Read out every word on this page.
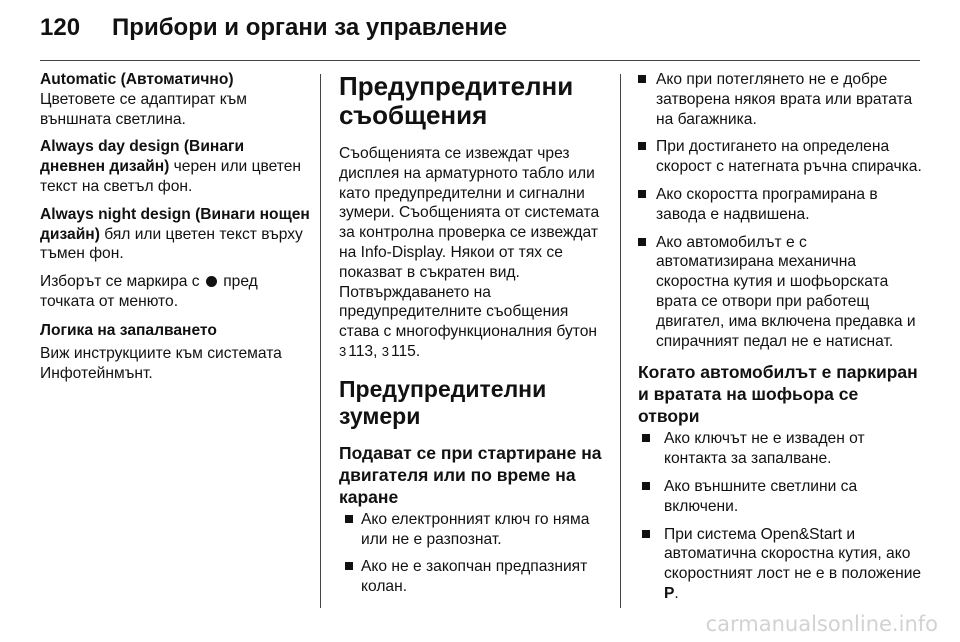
120 Прибори и органи за управление

Automatic (Автоматично)
Цветовете се адаптират към външната светлина.

Always day design (Винаги дневнен дизайн) черен или цветен текст на светъл фон.

Always night design (Винаги нощен дизайн) бял или цветен текст върху тъмен фон.

Изборът се маркира с  пред точката от менюто.

Логика на запалването

Виж инструкциите към системата Инфотейнмънт.

Предупредителни съобщения

Съобщенията се извеждат чрез дисплея на арматурното табло или като предупредителни и сигнални зумери. Съобщенията от системата за контролна проверка се извеждат на Info-Display. Някои от тях се показват в съкратен вид. Потвърждаването на предупредителните съобщения става с многофункционалния бутон 3 113, 3 115.

Предупредителни зумери
Подават се при стартиране на двигателя или по време на каране
Ако електронният ключ го няма или не е разпознат.
Ако не е закопчан предпазният колан.
Ако при потеглянето не е добре затворена някоя врата или вратата на багажника.
При достигането на определена скорост с натегната ръчна спирачка.
Ако скоростта програмирана в завода е надвишена.
Ако автомобилът е с автоматизирана механична скоростна кутия и шофьорската врата се отвори при работещ двигател, има включена предавка и спирачният педал не е натиснат.
Когато автомобилът е паркиран и вратата на шофьора се отвори
Ако ключът не е изваден от контакта за запалване.
Ако външните светлини са включени.
При система Open&Start и автоматична скоростна кутия, ако скоростният лост не е в положение P.
carmanualsonline.info
